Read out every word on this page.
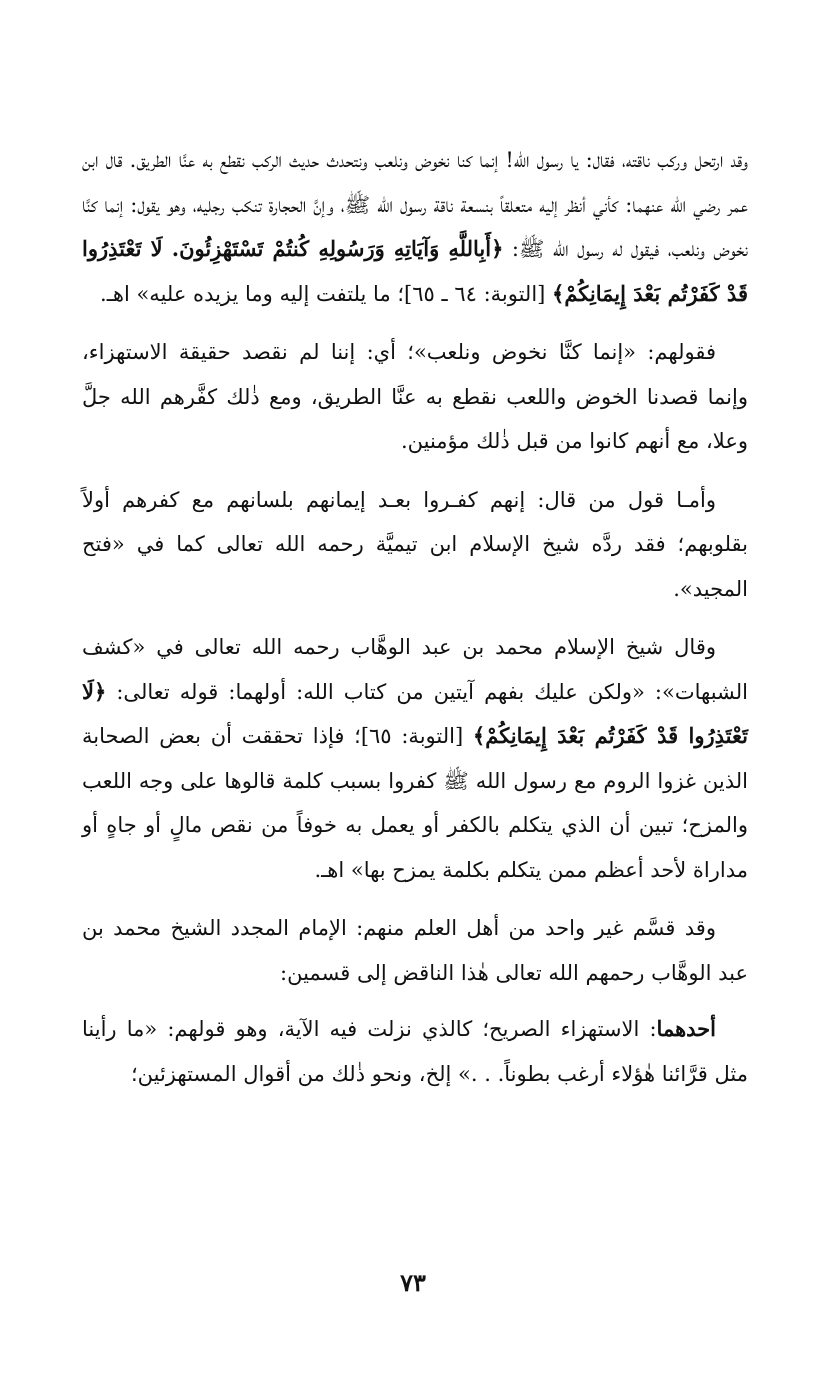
وقد ارتحل وركب ناقته، فقال: يا رسول الله! إنما كنا نخوض ونلعب ونتحدث حديث الركب نقطع به عنَّا الطريق. قال ابن عمر رضي الله عنهما: كأني أنظر إليه متعلقاً بنسعة ناقة رسول الله ﷺ، وإنَّ الحجارة تنكب رجليه، وهو يقول: إنما كنَّا نخوض ونلعب، فيقول له رسول الله ﷺ: ﴿أَبِاللَّهِ وَآيَاتِهِ وَرَسُولِهِ كُنتُمْ تَسْتَهْزِئُونَ. لَا تَعْتَذِرُوا قَدْ كَفَرْتُم بَعْدَ إِيمَانِكُمْ﴾ [التوبة: ٦٤ ـ ٦٥]؛ ما يلتفت إليه وما يزيده عليه» اهـ.

فقولهم: «إنما كنَّا نخوض ونلعب»؛ أي: إننا لم نقصد حقيقة الاستهزاء، وإنما قصدنا الخوض واللعب نقطع به عنَّا الطريق، ومع ذٰلك كفَّرهم الله جلَّ وعلا، مع أنهم كانوا من قبل ذٰلك مؤمنين.

وأمـا قول من قال: إنهم كفـروا بعـد إيمانهم بلسانهم مع كفرهم أولاً بقلوبهم؛ فقد ردَّه شيخ الإسلام ابن تيميَّة رحمه الله تعالى كما في «فتح المجيد».

وقال شيخ الإسلام محمد بن عبد الوهَّاب رحمه الله تعالى في «كشف الشبهات»: «ولكن عليك بفهم آيتين من كتاب الله: أولهما: قوله تعالى: ﴿لَا تَعْتَذِرُوا قَدْ كَفَرْتُم بَعْدَ إِيمَانِكُمْ﴾ [التوبة: ٦٥]؛ فإذا تحققت أن بعض الصحابة الذين غزوا الروم مع رسول الله ﷺ كفروا بسبب كلمة قالوها على وجه اللعب والمزح؛ تبين أن الذي يتكلم بالكفر أو يعمل به خوفاً من نقص مالٍ أو جاهٍ أو مداراة لأحد أعظم ممن يتكلم بكلمة يمزح بها» اهـ.

وقد قسَّم غير واحد من أهل العلم منهم: الإمام المجدد الشيخ محمد بن عبد الوهَّاب رحمهم الله تعالى هٰذا الناقض إلى قسمين:

أحدهما: الاستهزاء الصريح؛ كالذي نزلت فيه الآية، وهو قولهم: «ما رأينا مثل قرَّائنا هٰؤلاء أرغب بطوناً. . .» إلخ، ونحو ذٰلك من أقوال المستهزئين؛

٧٣
